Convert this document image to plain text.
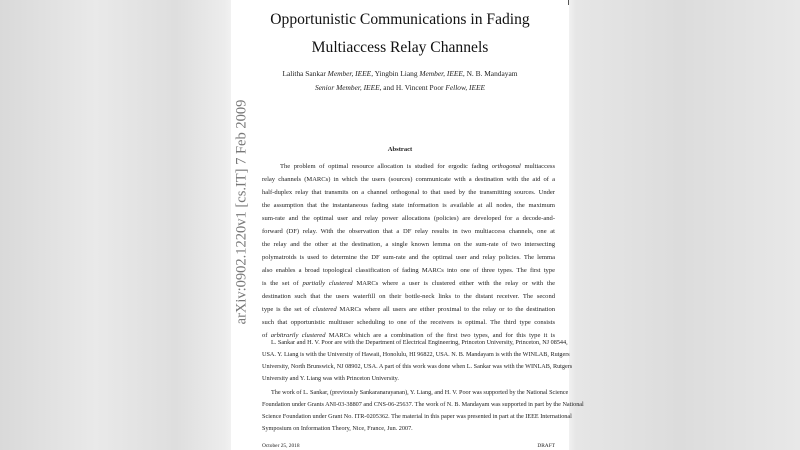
arXiv:0902.1220v1 [cs.IT] 7 Feb 2009
Opportunistic Communications in Fading
Multiaccess Relay Channels
Lalitha Sankar Member, IEEE, Yingbin Liang Member, IEEE, N. B. Mandayam
Senior Member, IEEE, and H. Vincent Poor Fellow, IEEE
Abstract
The problem of optimal resource allocation is studied for ergodic fading orthogonal multiaccess
relay channels (MARCs) in which the users (sources) communicate with a destination with the aid of a
half-duplex relay that transmits on a channel orthogonal to that used by the transmitting sources. Under
the assumption that the instantaneous fading state information is available at all nodes, the maximum
sum-rate and the optimal user and relay power allocations (policies) are developed for a decode-and-
forward (DF) relay. With the observation that a DF relay results in two multiaccess channels, one at
the relay and the other at the destination, a single known lemma on the sum-rate of two intersecting
polymatroids is used to determine the DF sum-rate and the optimal user and relay policies. The lemma
also enables a broad topological classification of fading MARCs into one of three types. The first type
is the set of partially clustered MARCs where a user is clustered either with the relay or with the
destination such that the users waterfill on their bottle-neck links to the distant receiver. The second
type is the set of clustered MARCs where all users are either proximal to the relay or to the destination
such that opportunistic multiuser scheduling to one of the receivers is optimal. The third type consists
of arbitrarily clustered MARCs which are a combination of the first two types, and for this type it is
L. Sankar and H. V. Poor are with the Department of Electrical Engineering, Princeton University, Princeton, NJ 08544,
USA. Y. Liang is with the University of Hawaii, Honolulu, HI 96822, USA. N. B. Mandayam is with the WINLAB, Rutgers
University, North Brunswick, NJ 08902, USA. A part of this work was done when L. Sankar was with the WINLAB, Rutgers
University and Y. Liang was with Princeton University.
The work of L. Sankar, (previously Sankaranarayanan), Y. Liang, and H. V. Poor was supported by the National Science
Foundation under Grants ANI-03-38807 and CNS-06-25637. The work of N. B. Mandayam was supported in part by the National
Science Foundation under Grant No. ITR-0205362. The material in this paper was presented in part at the IEEE International
Symposium on Information Theory, Nice, France, Jun. 2007.
October 25, 2018	DRAFT
